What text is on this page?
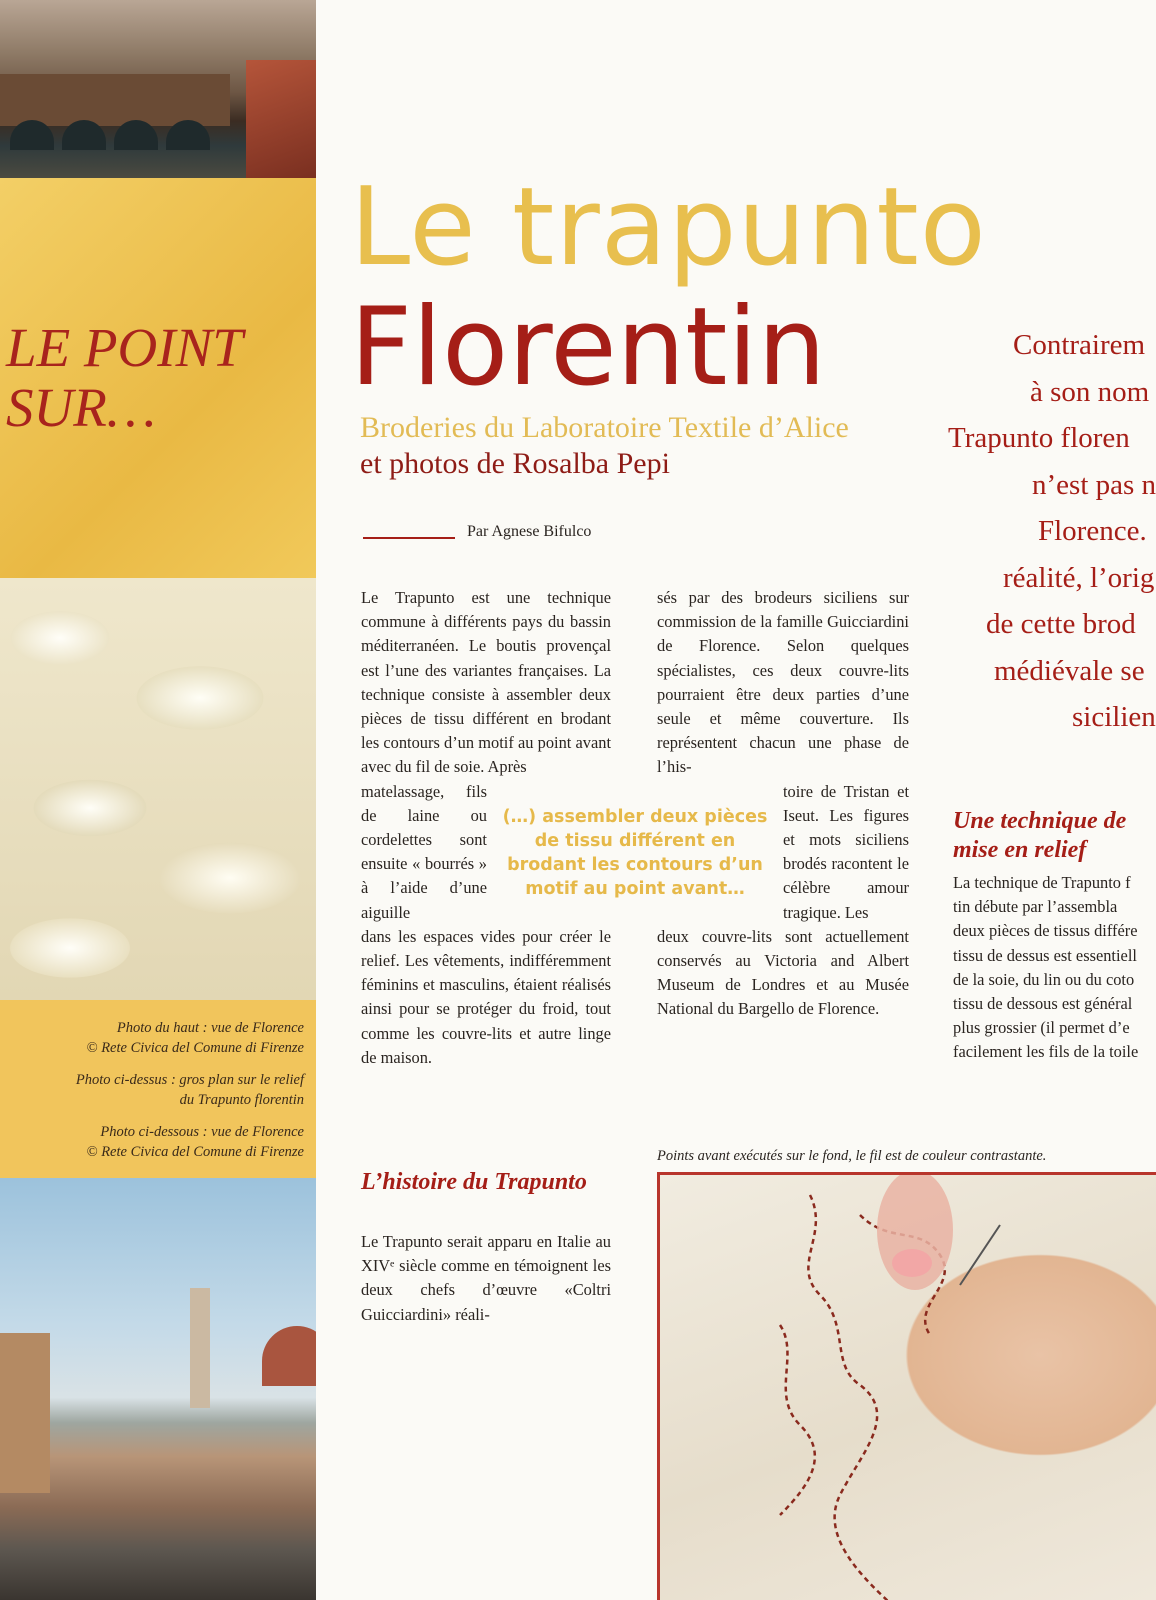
LE POINT
SUR…
Photo du haut : vue de Florence
© Rete Civica del Comune di Firenze
Photo ci-dessus : gros plan sur le relief
du Trapunto florentin
Photo ci-dessous : vue de Florence
© Rete Civica del Comune di Firenze
Le trapunto
Florentin
Broderies du Laboratoire Textile d’Alice
et photos de Rosalba Pepi
Par Agnese Bifulco

Le Trapunto est une technique commune à différents pays du bassin méditerranéen. Le boutis provençal est l’une des variantes françaises. La technique consiste à assembler deux pièces de tissu différent en brodant les contours d’un motif au point avant avec du fil de soie. Après

matelassage, fils de laine ou cordelettes sont ensuite « bourrés » à l’aide d’une aiguille

dans les espaces vides pour créer le relief. Les vêtements, indifféremment féminins et masculins, étaient réalisés ainsi pour se protéger du froid, tout comme les couvre-lits et autre linge de maison.

(…) assembler deux pièces de tissu différent en brodant les contours d’un motif au point avant…
L’histoire du Trapunto
Le Trapunto serait apparu en Italie au XIVᵉ siècle comme en témoignent les deux chefs d’œuvre «Coltri Guicciardini» réali-

sés par des brodeurs siciliens sur commission de la famille Guicciardini de Florence. Selon quelques spécialistes, ces deux couvre-lits pourraient être deux parties d’une seule et même couverture. Ils représentent chacun une phase de l’his-

toire de Tristan et Iseut. Les figures et mots siciliens brodés racontent le célèbre amour tragique. Les

deux couvre-lits sont actuellement conservés au Victoria and Albert Museum de Londres et au Musée National du Bargello de Florence.

Une technique de
mise en relief
La technique de Trapunto f
tin débute par l’assembla
deux pièces de tissus différe
tissu de dessus est essentiell
de la soie, du lin ou du coto
tissu de dessous est général
plus grossier (il permet d’e
facilement les fils de la toile
Contrairem
à son nom
Trapunto floren
n’est pas n
Florence.
réalité, l’orig
de cette brod
médiévale se
sicilien
Points avant exécutés sur le fond, le fil est de couleur contrastante.
